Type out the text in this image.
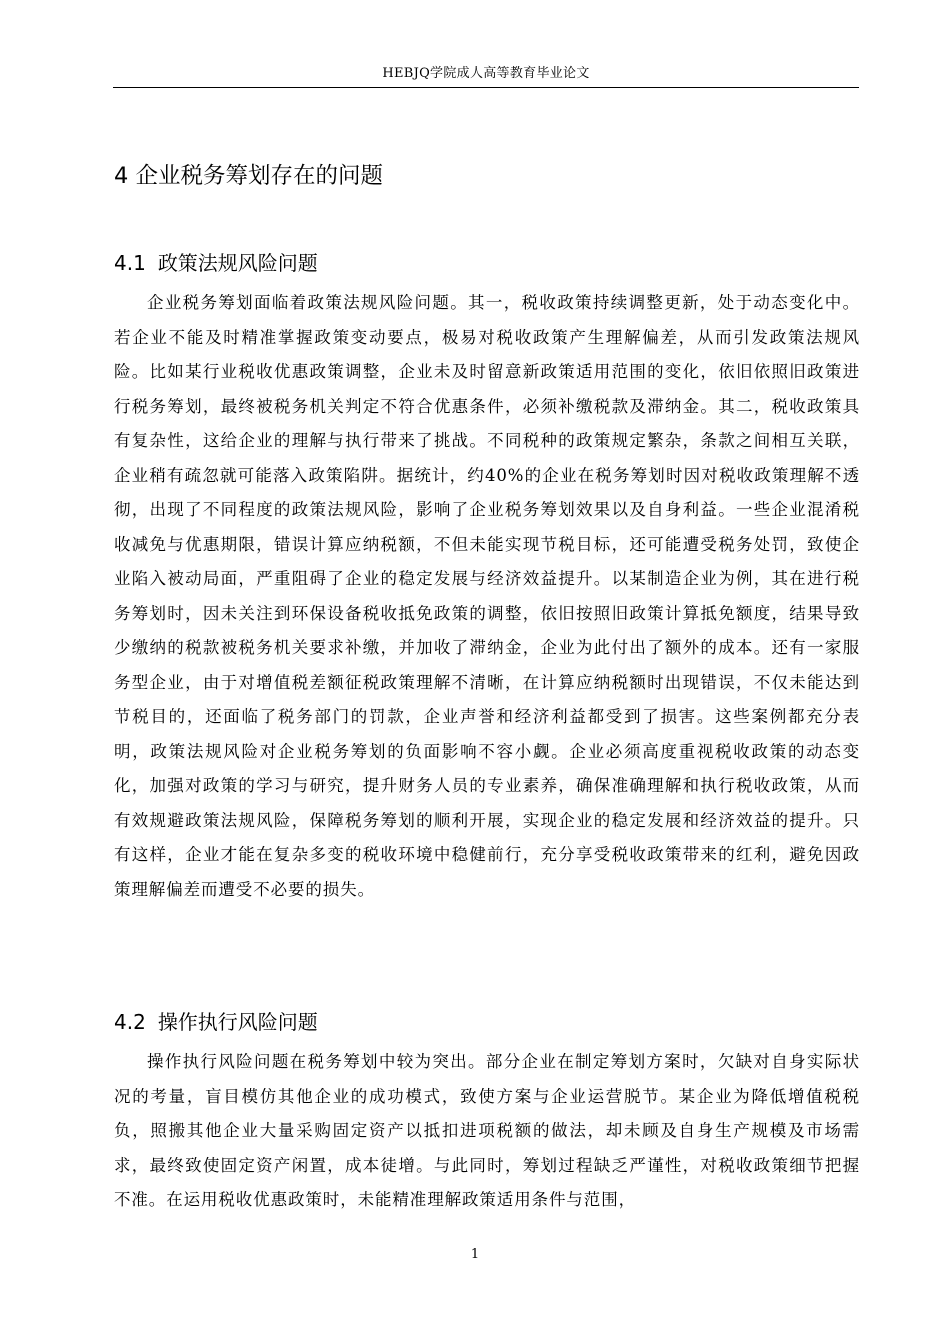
HEBJQ学院成人高等教育毕业论文
4 企业税务筹划存在的问题
4.1 政策法规风险问题

企业税务筹划面临着政策法规风险问题。其一，税收政策持续调整更新，处于动态变化中。若企业不能及时精准掌握政策变动要点，极易对税收政策产生理解偏差，从而引发政策法规风险。比如某行业税收优惠政策调整，企业未及时留意新政策适用范围的变化，依旧依照旧政策进行税务筹划，最终被税务机关判定不符合优惠条件，必须补缴税款及滞纳金。其二，税收政策具有复杂性，这给企业的理解与执行带来了挑战。不同税种的政策规定繁杂，条款之间相互关联，企业稍有疏忽就可能落入政策陷阱。据统计，约40%的企业在税务筹划时因对税收政策理解不透彻，出现了不同程度的政策法规风险，影响了企业税务筹划效果以及自身利益。一些企业混淆税收减免与优惠期限，错误计算应纳税额，不但未能实现节税目标，还可能遭受税务处罚，致使企业陷入被动局面，严重阻碍了企业的稳定发展与经济效益提升。以某制造企业为例，其在进行税务筹划时，因未关注到环保设备税收抵免政策的调整，依旧按照旧政策计算抵免额度，结果导致少缴纳的税款被税务机关要求补缴，并加收了滞纳金，企业为此付出了额外的成本。还有一家服务型企业，由于对增值税差额征税政策理解不清晰，在计算应纳税额时出现错误，不仅未能达到节税目的，还面临了税务部门的罚款，企业声誉和经济利益都受到了损害。这些案例都充分表明，政策法规风险对企业税务筹划的负面影响不容小觑。企业必须高度重视税收政策的动态变化，加强对政策的学习与研究，提升财务人员的专业素养，确保准确理解和执行税收政策，从而有效规避政策法规风险，保障税务筹划的顺利开展，实现企业的稳定发展和经济效益的提升。只有这样，企业才能在复杂多变的税收环境中稳健前行，充分享受税收政策带来的红利，避免因政策理解偏差而遭受不必要的损失。

4.2 操作执行风险问题

操作执行风险问题在税务筹划中较为突出。部分企业在制定筹划方案时，欠缺对自身实际状况的考量，盲目模仿其他企业的成功模式，致使方案与企业运营脱节。某企业为降低增值税税负，照搬其他企业大量采购固定资产以抵扣进项税额的做法，却未顾及自身生产规模及市场需求，最终致使固定资产闲置，成本徒增。与此同时，筹划过程缺乏严谨性，对税收政策细节把握不准。在运用税收优惠政策时，未能精准理解政策适用条件与范围，

1
